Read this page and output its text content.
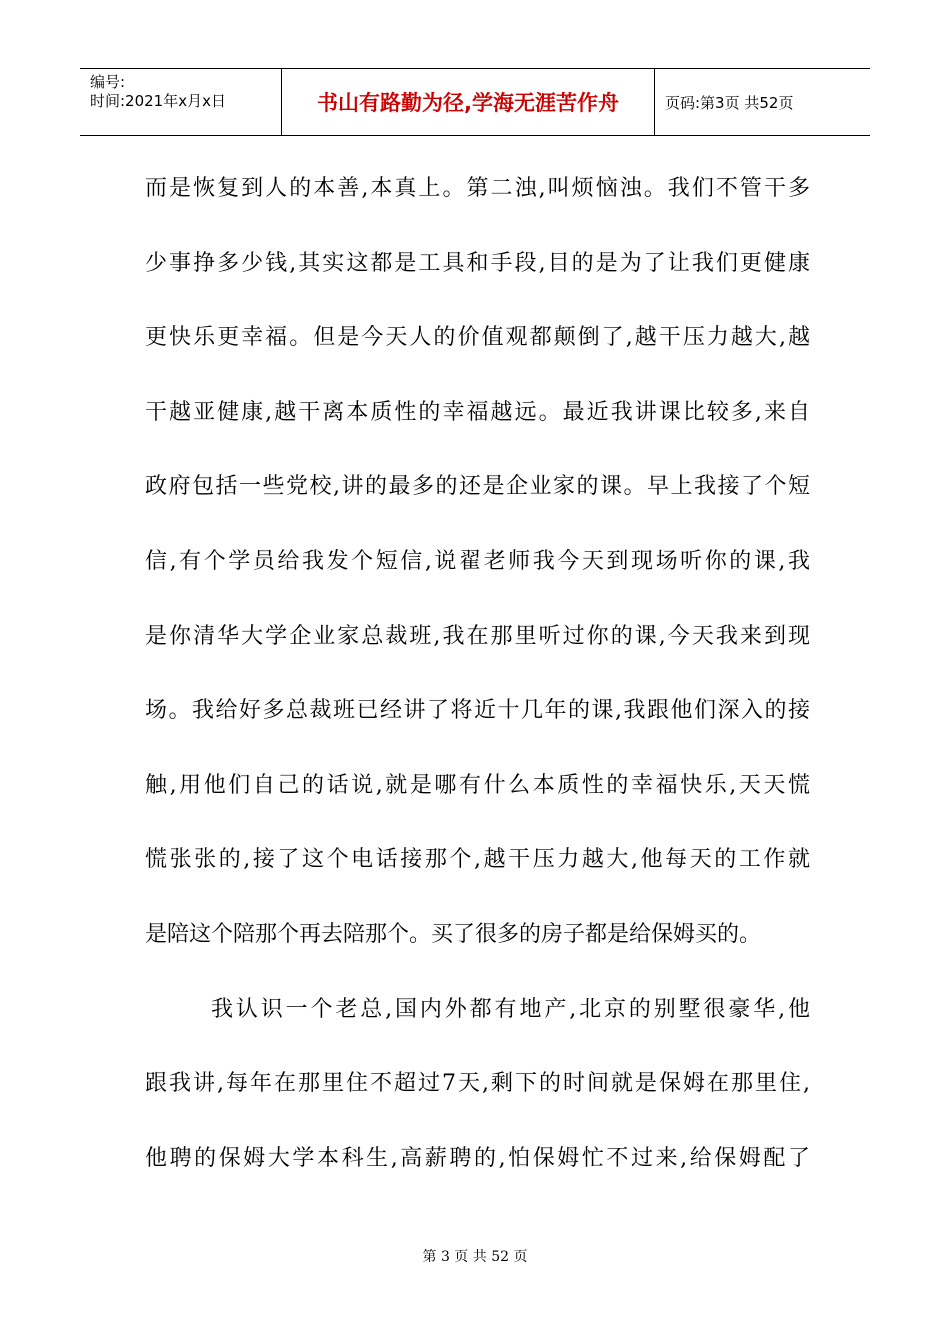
编号:
时间:2021年x月x日	书山有路勤为径,学海无涯苦作舟	页码:第3页 共52页
而是恢复到人的本善,本真上。第二浊,叫烦恼浊。我们不管干多
少事挣多少钱,其实这都是工具和手段,目的是为了让我们更健康
更快乐更幸福。但是今天人的价值观都颠倒了,越干压力越大,越
干越亚健康,越干离本质性的幸福越远。最近我讲课比较多,来自
政府包括一些党校,讲的最多的还是企业家的课。早上我接了个短
信,有个学员给我发个短信,说翟老师我今天到现场听你的课,我
是你清华大学企业家总裁班,我在那里听过你的课,今天我来到现
场。我给好多总裁班已经讲了将近十几年的课,我跟他们深入的接
触,用他们自己的话说,就是哪有什么本质性的幸福快乐,天天慌
慌张张的,接了这个电话接那个,越干压力越大,他每天的工作就
是陪这个陪那个再去陪那个。买了很多的房子都是给保姆买的。
我认识一个老总,国内外都有地产,北京的别墅很豪华,他
跟我讲,每年在那里住不超过7天,剩下的时间就是保姆在那里住,
他聘的保姆大学本科生,高薪聘的,怕保姆忙不过来,给保姆配了
第 3 页 共 52 页
